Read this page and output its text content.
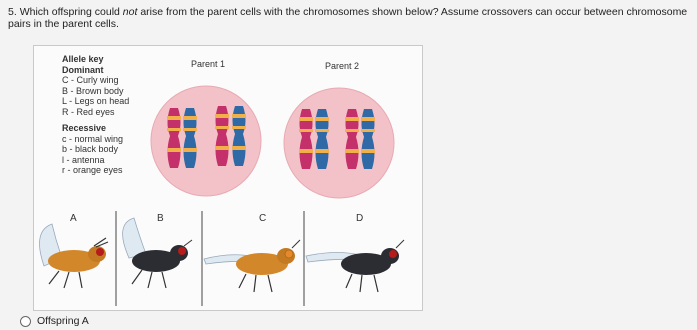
5. Which offspring could not arise from the parent cells with the chromosomes shown below? Assume crossovers can occur between chromosome pairs in the parent cells.
Allele key
Dominant
C - Curly wing
B - Brown body
L - Legs on head
R - Red eyes
Recessive
c - normal wing
b - black body
l - antenna
r - orange eyes
Parent 1	Parent 2
A	B	C	D
Offspring A
